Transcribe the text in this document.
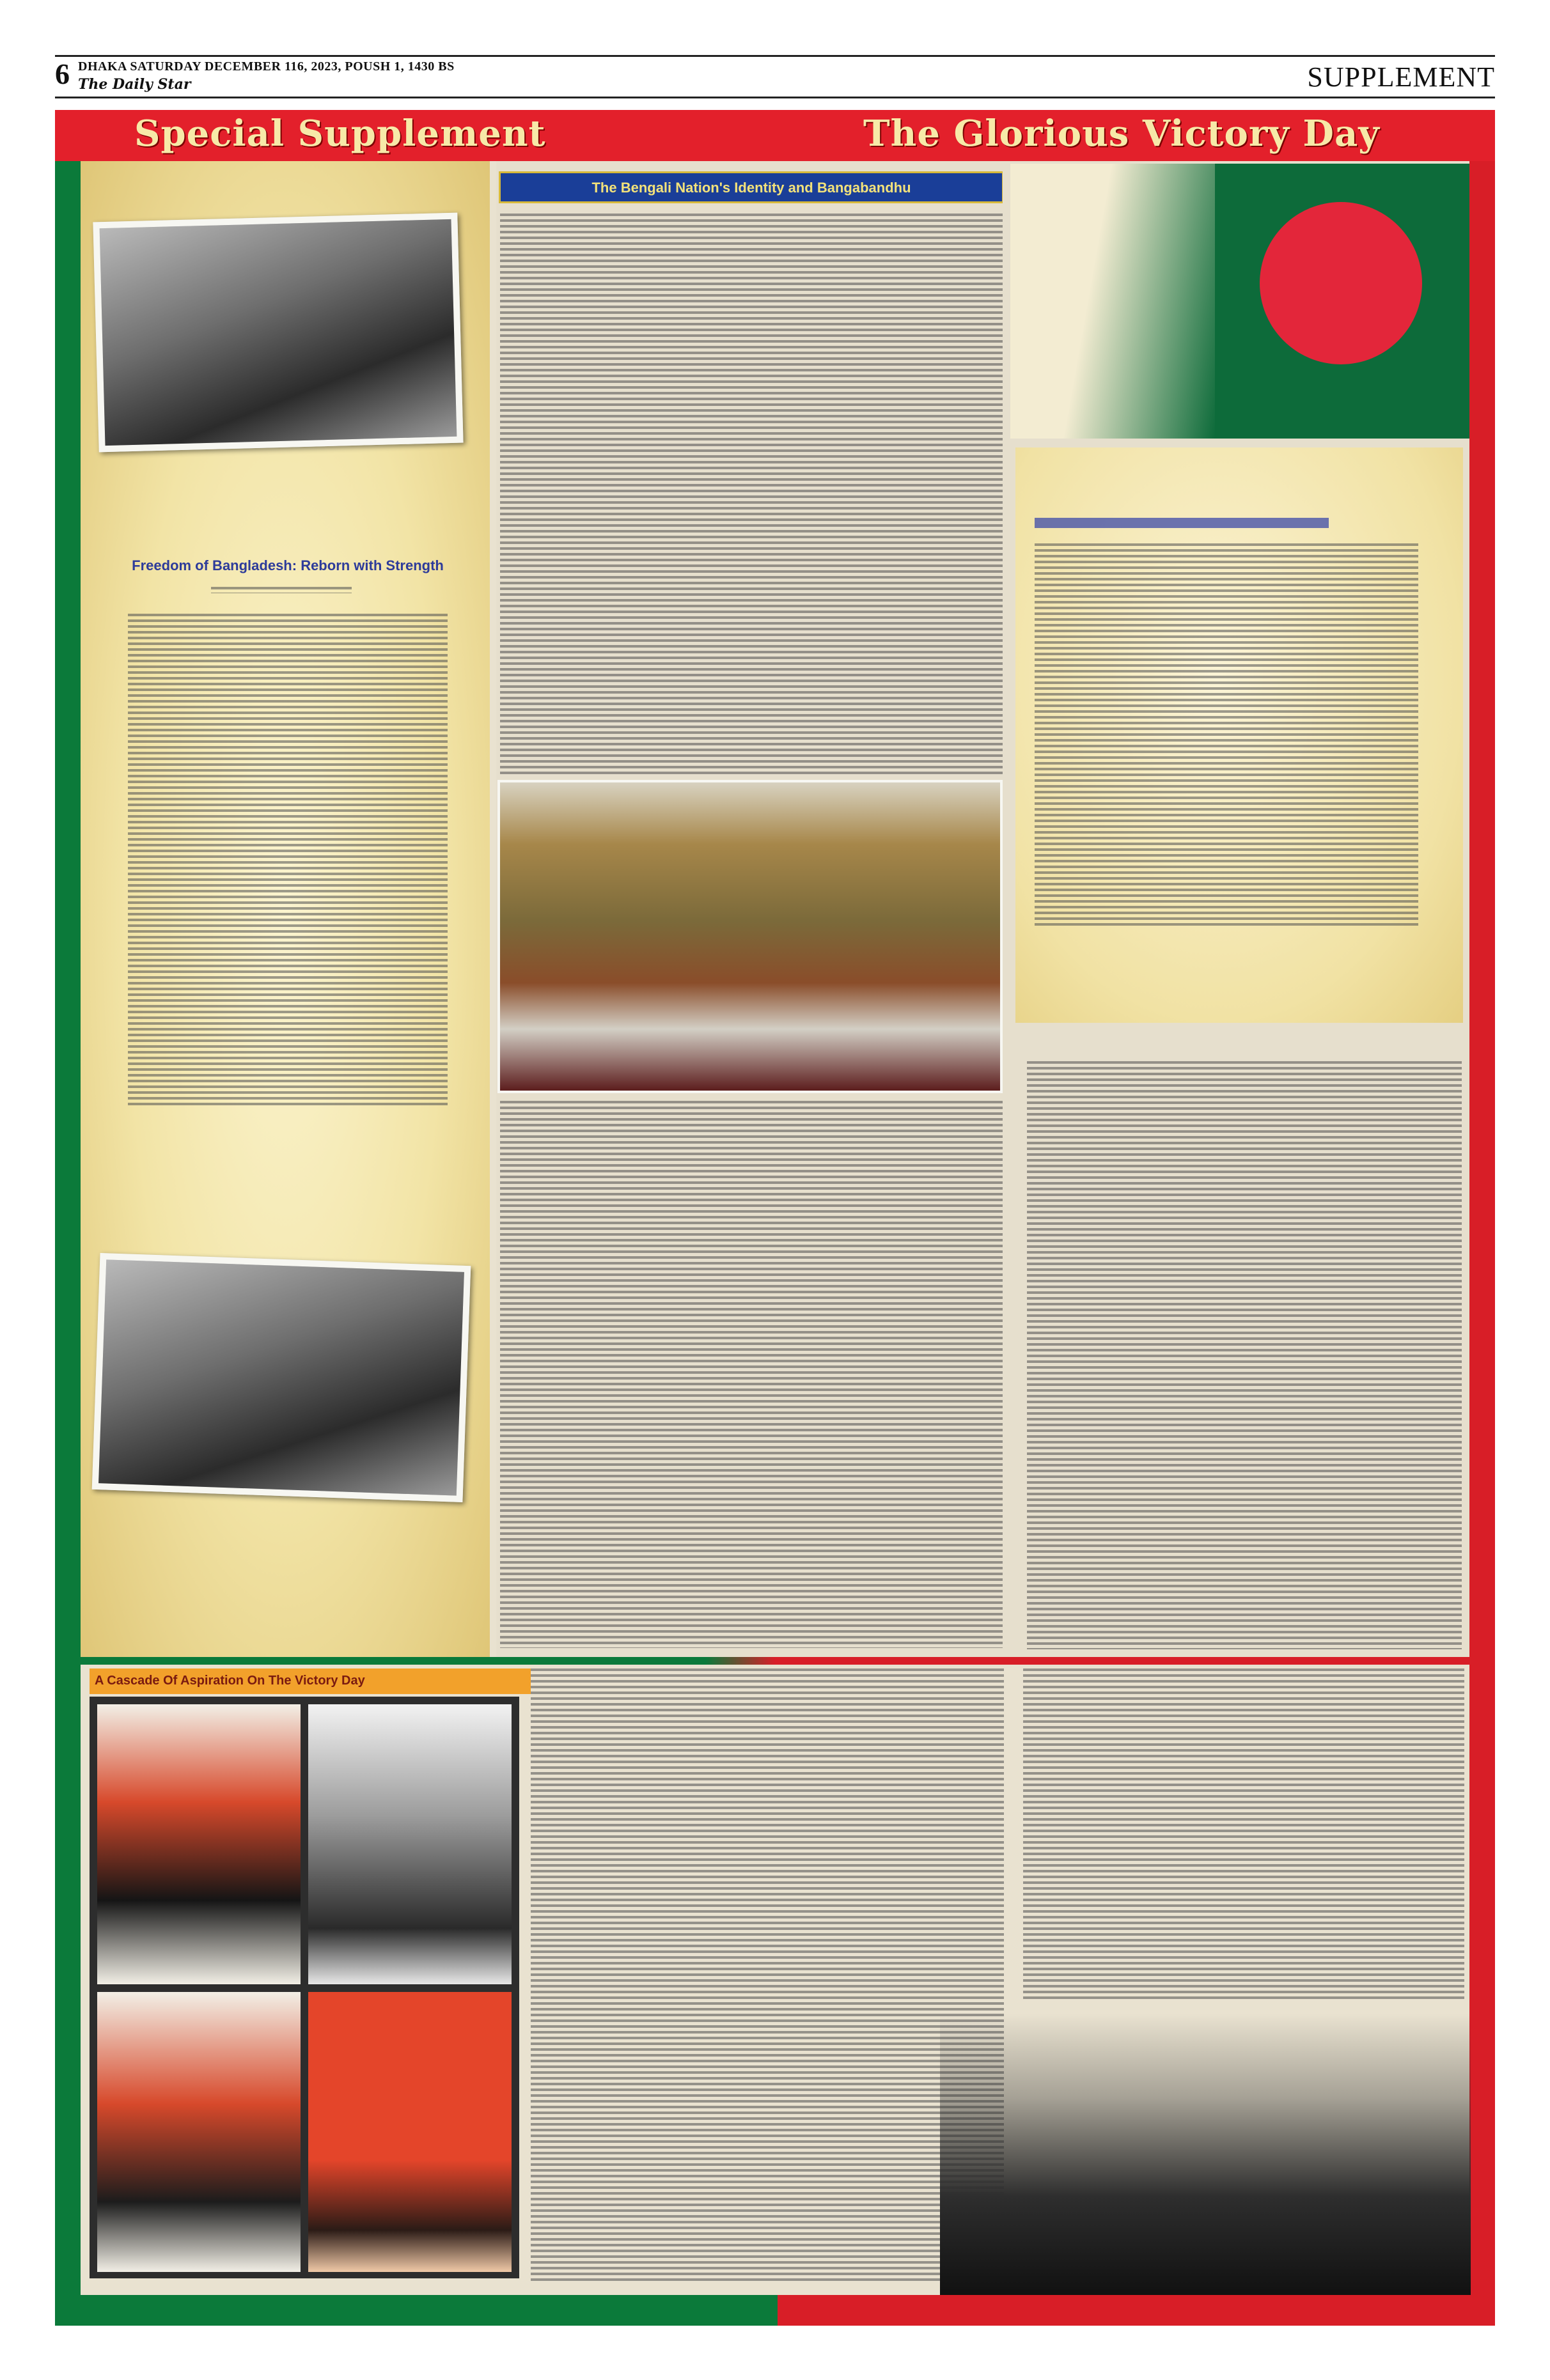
6 DHAKA SATURDAY DECEMBER 116, 2023, POUSH 1, 1430 BS
The Daily Star	SUPPLEMENT
Special Supplement	The Glorious Victory Day
Freedom of Bangladesh: Reborn with Strength
The Bengali Nation's Identity and Bangabandhu
A Cascade Of Aspiration On The Victory Day
